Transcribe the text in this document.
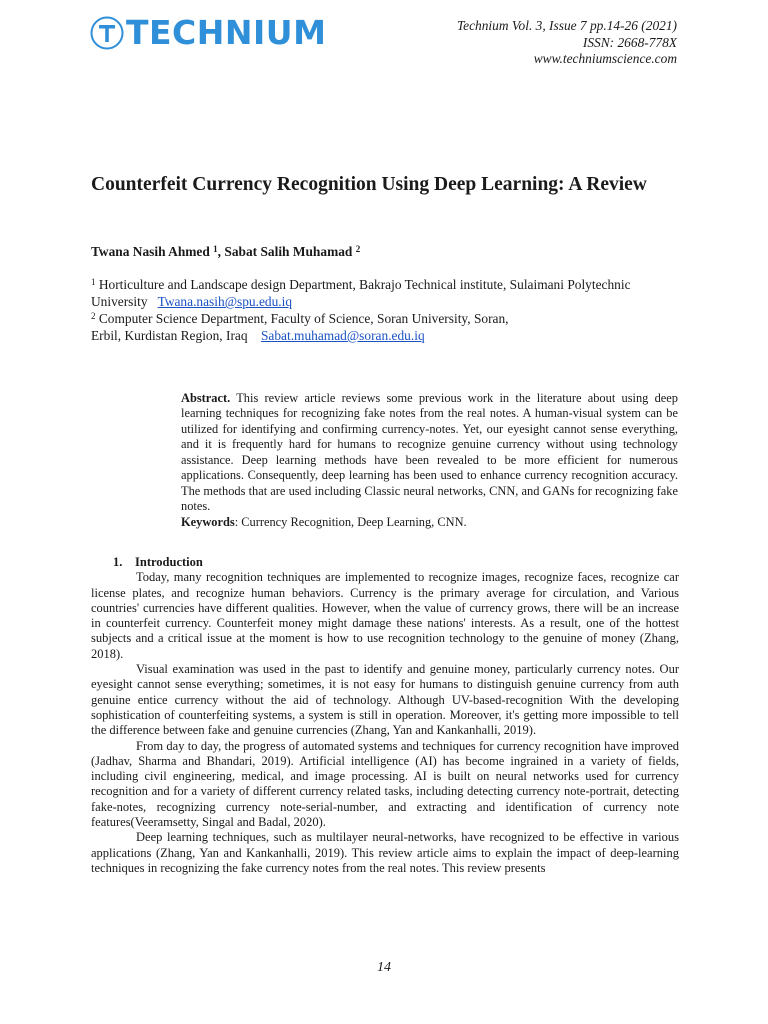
TECHNIUM	Technium Vol. 3, Issue 7 pp.14-26 (2021)
ISSN: 2668-778X
www.techniumscience.com
Counterfeit Currency Recognition Using Deep Learning: A Review
Twana Nasih Ahmed $^1$, Sabat Salih Muhamad $^2$
$^1$ Horticulture and Landscape design Department, Bakrajo Technical institute, Sulaimani Polytechnic
University Twana.nasih@spu.edu.iq
$^2$ Computer Science Department, Faculty of Science, Soran University, Soran,
Erbil, Kurdistan Region, Iraq Sabat.muhamad@soran.edu.iq

Abstract. This review article reviews some previous work in the literature about using deep learning techniques for recognizing fake notes from the real notes. A human-visual system can be utilized for identifying and confirming currency-notes. Yet, our eyesight cannot sense everything, and it is frequently hard for humans to recognize genuine currency without using technology assistance. Deep learning methods have been revealed to be more efficient for numerous applications. Consequently, deep learning has been used to enhance currency recognition accuracy. The methods that are used including Classic neural networks, CNN, and GANs for recognizing fake notes.

Keywords: Currency Recognition, Deep Learning, CNN.

1. Introduction

Today, many recognition techniques are implemented to recognize images, recognize faces, recognize car license plates, and recognize human behaviors. Currency is the primary average for circulation, and Various countries' currencies have different qualities. However, when the value of currency grows, there will be an increase in counterfeit currency. Counterfeit money might damage these nations' interests. As a result, one of the hottest subjects and a critical issue at the moment is how to use recognition technology to the genuine of money (Zhang, 2018).

Visual examination was used in the past to identify and genuine money, particularly currency notes. Our eyesight cannot sense everything; sometimes, it is not easy for humans to distinguish genuine currency from auth genuine entice currency without the aid of technology. Although UV-based-recognition With the developing sophistication of counterfeiting systems, a system is still in operation. Moreover, it's getting more impossible to tell the difference between fake and genuine currencies (Zhang, Yan and Kankanhalli, 2019).

From day to day, the progress of automated systems and techniques for currency recognition have improved (Jadhav, Sharma and Bhandari, 2019). Artificial intelligence (AI) has become ingrained in a variety of fields, including civil engineering, medical, and image processing. AI is built on neural networks used for currency recognition and for a variety of different currency related tasks, including detecting currency note-portrait, detecting fake-notes, recognizing currency note-serial-number, and extracting and identification of currency note features(Veeramsetty, Singal and Badal, 2020).

Deep learning techniques, such as multilayer neural-networks, have recognized to be effective in various applications (Zhang, Yan and Kankanhalli, 2019). This review article aims to explain the impact of deep-learning techniques in recognizing the fake currency notes from the real notes. This review presents

14
